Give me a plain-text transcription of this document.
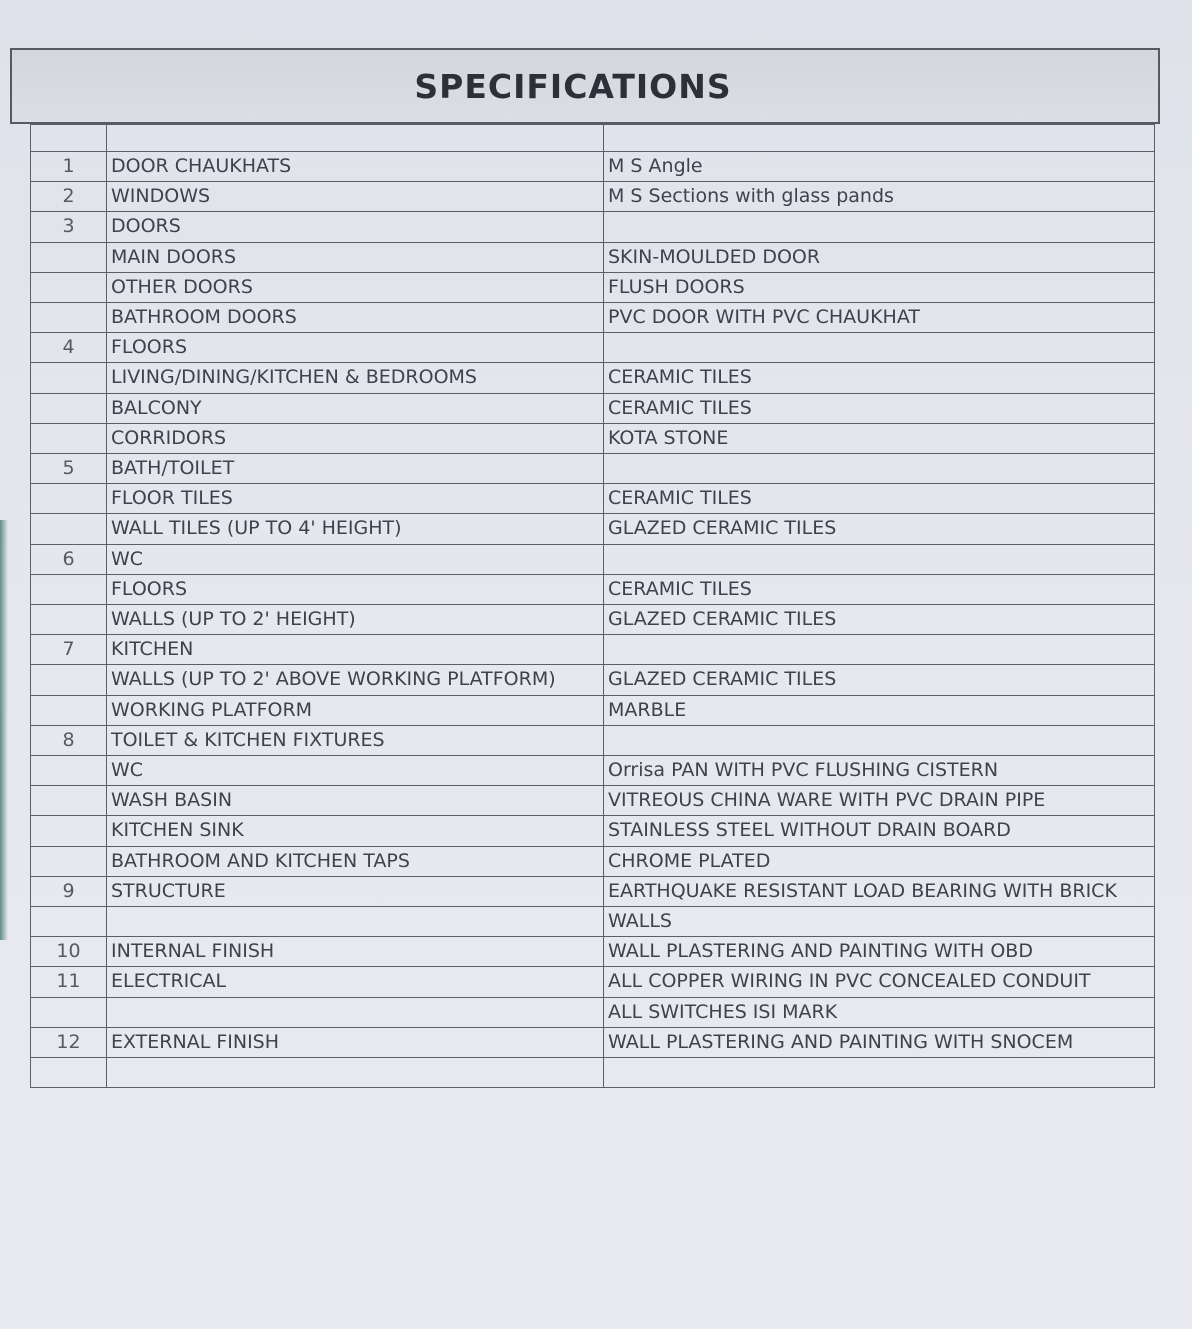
SPECIFICATIONS

1	DOOR CHAUKHATS	M S Angle
2	WINDOWS	M S Sections with glass pands
3	DOORS	
	MAIN DOORS	SKIN-MOULDED DOOR
	OTHER DOORS	FLUSH DOORS
	BATHROOM DOORS	PVC DOOR WITH PVC CHAUKHAT
4	FLOORS	
	LIVING/DINING/KITCHEN & BEDROOMS	CERAMIC TILES
	BALCONY	CERAMIC TILES
	CORRIDORS	KOTA STONE
5	BATH/TOILET	
	FLOOR TILES	CERAMIC TILES
	WALL TILES (UP TO 4' HEIGHT)	GLAZED CERAMIC TILES
6	WC	
	FLOORS	CERAMIC TILES
	WALLS (UP TO 2' HEIGHT)	GLAZED CERAMIC TILES
7	KITCHEN	
	WALLS (UP TO 2' ABOVE WORKING PLATFORM)	GLAZED CERAMIC TILES
	WORKING PLATFORM	MARBLE
8	TOILET & KITCHEN FIXTURES	
	WC	Orrisa PAN WITH PVC FLUSHING CISTERN
	WASH BASIN	VITREOUS CHINA WARE WITH PVC DRAIN PIPE
	KITCHEN SINK	STAINLESS STEEL WITHOUT DRAIN BOARD
	BATHROOM AND KITCHEN TAPS	CHROME PLATED
9	STRUCTURE	EARTHQUAKE RESISTANT LOAD BEARING WITH BRICK
		WALLS
10	INTERNAL FINISH	WALL PLASTERING AND PAINTING WITH OBD
11	ELECTRICAL	ALL COPPER WIRING IN PVC CONCEALED CONDUIT
		ALL SWITCHES ISI MARK
12	EXTERNAL FINISH	WALL PLASTERING AND PAINTING WITH SNOCEM
